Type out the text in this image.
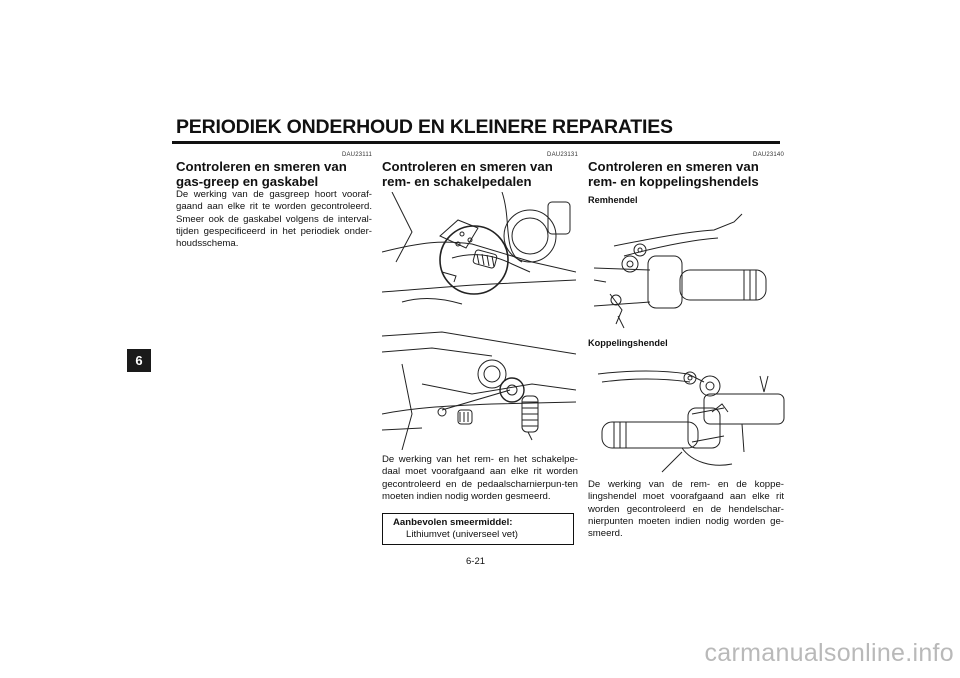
PERIODIEK ONDERHOUD EN KLEINERE REPARATIES
6
DAU23111
Controleren en smeren van gas-greep en gaskabel

De werking van de gasgreep hoort vooraf-gaand aan elke rit te worden gecontroleerd. Smeer ook de gaskabel volgens de interval-tijden gespecificeerd in het periodiek onder-houdsschema.

DAU23131
Controleren en smeren van rem- en schakelpedalen

De werking van het rem- en het schakelpe-daal moet voorafgaand aan elke rit worden gecontroleerd en de pedaalscharnierpun-ten moeten indien nodig worden gesmeerd.

Aanbevolen smeermiddel:
Lithiumvet (universeel vet)
DAU23140
Controleren en smeren van rem- en koppelingshendels

Remhendel

Koppelingshendel

De werking van de rem- en de koppe-lingshendel moet voorafgaand aan elke rit worden gecontroleerd en de hendelschar-nierpunten moeten indien nodig worden ge-smeerd.

6-21
carmanualsonline.info
